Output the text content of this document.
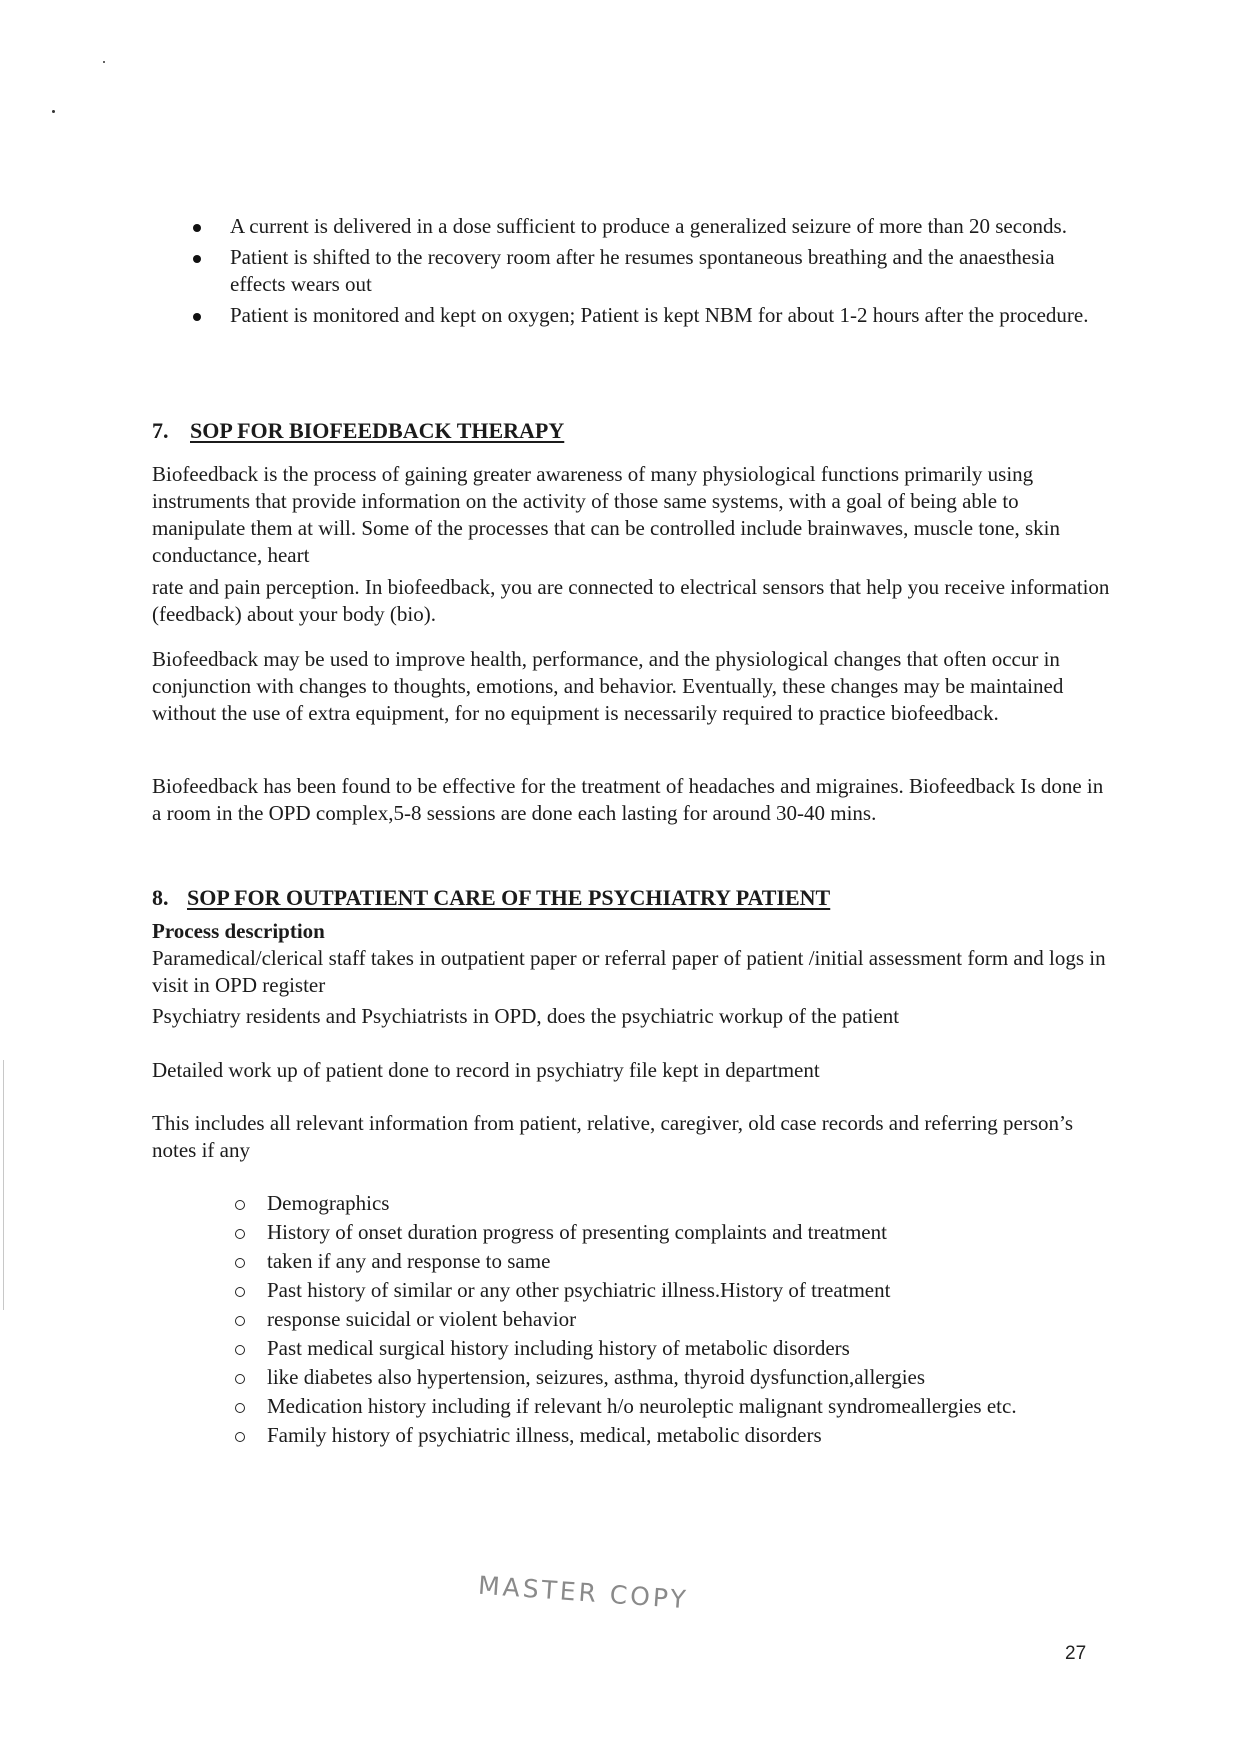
A current is delivered in a dose sufficient to produce a generalized seizure of more than 20 seconds.
Patient is shifted to the recovery room after he resumes spontaneous breathing and the anaesthesia effects wears out
Patient is monitored and kept on oxygen; Patient is kept NBM for about 1-2 hours after the procedure.
7. SOP FOR BIOFEEDBACK THERAPY

Biofeedback is the process of gaining greater awareness of many physiological functions primarily using instruments that provide information on the activity of those same systems, with a goal of being able to manipulate them at will. Some of the processes that can be controlled include brainwaves, muscle tone, skin conductance, heart

rate and pain perception. In biofeedback, you are connected to electrical sensors that help you receive information (feedback) about your body (bio).

Biofeedback may be used to improve health, performance, and the physiological changes that often occur in conjunction with changes to thoughts, emotions, and behavior. Eventually, these changes may be maintained without the use of extra equipment, for no equipment is necessarily required to practice biofeedback.

Biofeedback has been found to be effective for the treatment of headaches and migraines. Biofeedback Is done in a room in the OPD complex,5-8 sessions are done each lasting for around 30-40 mins.

8. SOP FOR OUTPATIENT CARE OF THE PSYCHIATRY PATIENT

Process description

Paramedical/clerical staff takes in outpatient paper or referral paper of patient /initial assessment form and logs in visit in OPD register

Psychiatry residents and Psychiatrists in OPD, does the psychiatric workup of the patient

Detailed work up of patient done to record in psychiatry file kept in department

This includes all relevant information from patient, relative, caregiver, old case records and referring person’s notes if any

Demographics
History of onset duration progress of presenting complaints and treatment
taken if any and response to same
Past history of similar or any other psychiatric illness.History of treatment
response suicidal or violent behavior
Past medical surgical history including history of metabolic disorders
like diabetes also hypertension, seizures, asthma, thyroid dysfunction,allergies
Medication history including if relevant h/o neuroleptic malignant syndromeallergies etc.
Family history of psychiatric illness, medical, metabolic disorders
MASTER COPY
27
